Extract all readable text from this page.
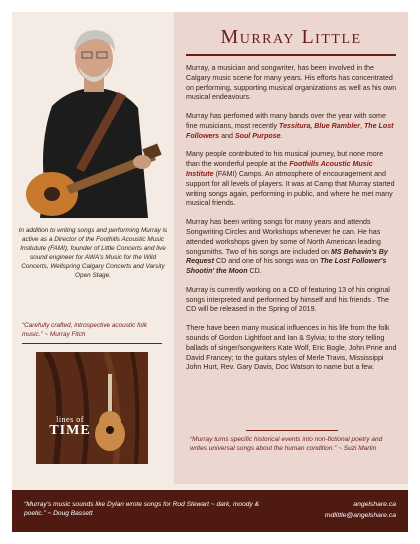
In addition to writing songs and performing Murray is active as a Director of the Foothills Acoustic Music Insitutute (FAMI), founder of Little Concerts and live sound engineer for AWA's Music for the Wild Concerts, Wellspring Calgary Concerts and Varsity Open Stage.
“Carefully crafted, introspective acoustic folk music.” ~ Murray Fitch
lines of
TIME
Murray Little

Murray, a musician and songwriter, has been involved in the Calgary music scene for many years. His efforts has concentrated on performing, supporting musical organizations as well as his own musical endeavours.

Murray has perfomed with many bands over the year with some fine musicians, most recently Tessitura, Blue Rambler, The Lost Followers and Soul Purpose.

Many people contributed to his musical journey, but none more than the wonderful people at the Foothills Acoustic Music Institute (FAMI) Camps. An atmosphere of encouragement and support for all levels of players. It was at Camp that Murray started writing songs again, performing in public, and where he met many musical friends.

Murray has been writing songs for many years and attends Songwriting Circles and Workshops whenever he can. He has attended workshops given by some of North American leading songsmiths. Two of his songs are included on MS Behavin's By Request CD and one of his songs was on The Lost Follower's Shootin' the Moon CD.

Murray is currently working on a CD of featuring 13 of his original songs interpreted and performed by himself and his friends . The CD will be released in the Spring of 2019.

There have been many musical influences in his life from the folk sounds of Gordon Lightfoot and Ian & Sylvia; to the story telling ballads of singer/songwriters Kate Wolf, Eric Bogle, John Prine and David Francey; to the guitars styles of Merle Travis, Mississippi John Hurt, Rev. Gary Davis, Doc Watson to name but a few.

“Murray turns specific historical events into non-fictional poetry and writes universal songs about the human condition.” ~ Suzi Martin
“Murray’s music sounds like Dylan wrote songs for Rod Stewart ~ dark, moody & poetic.” ~ Doug Bassett
angelshare.ca
mdlittle@angelshare.ca
